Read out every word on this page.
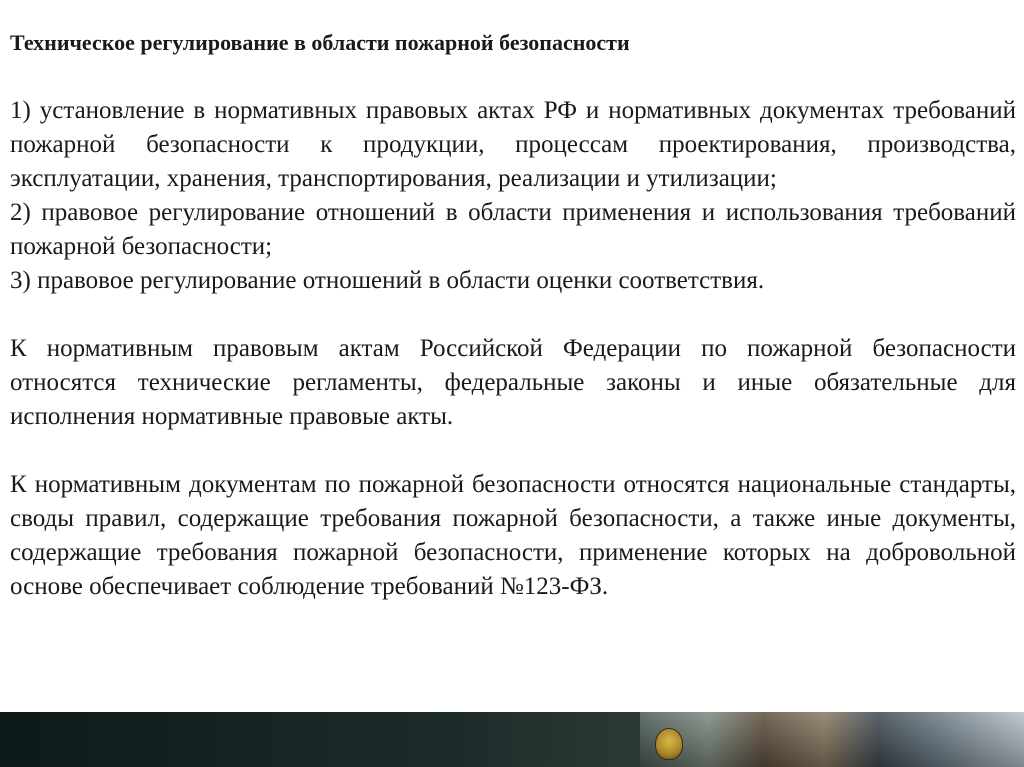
Техническое регулирование в области пожарной безопасности

1) установление в нормативных правовых актах РФ и нормативных документах требований пожарной безопасности к продукции, процессам проектирования, производства, эксплуатации, хранения, транспортирования, реализации и утилизации;

2) правовое регулирование отношений в области применения и использования требований пожарной безопасности;

3) правовое регулирование отношений в области оценки соответствия.

К нормативным правовым актам Российской Федерации по пожарной безопасности относятся технические регламенты, федеральные законы и иные обязательные для исполнения нормативные правовые акты.

К нормативным документам по пожарной безопасности относятся национальные стандарты, своды правил, содержащие требования пожарной безопасности, а также иные документы, содержащие требования пожарной безопасности, применение которых на добровольной основе обеспечивает соблюдение требований №123-ФЗ.
